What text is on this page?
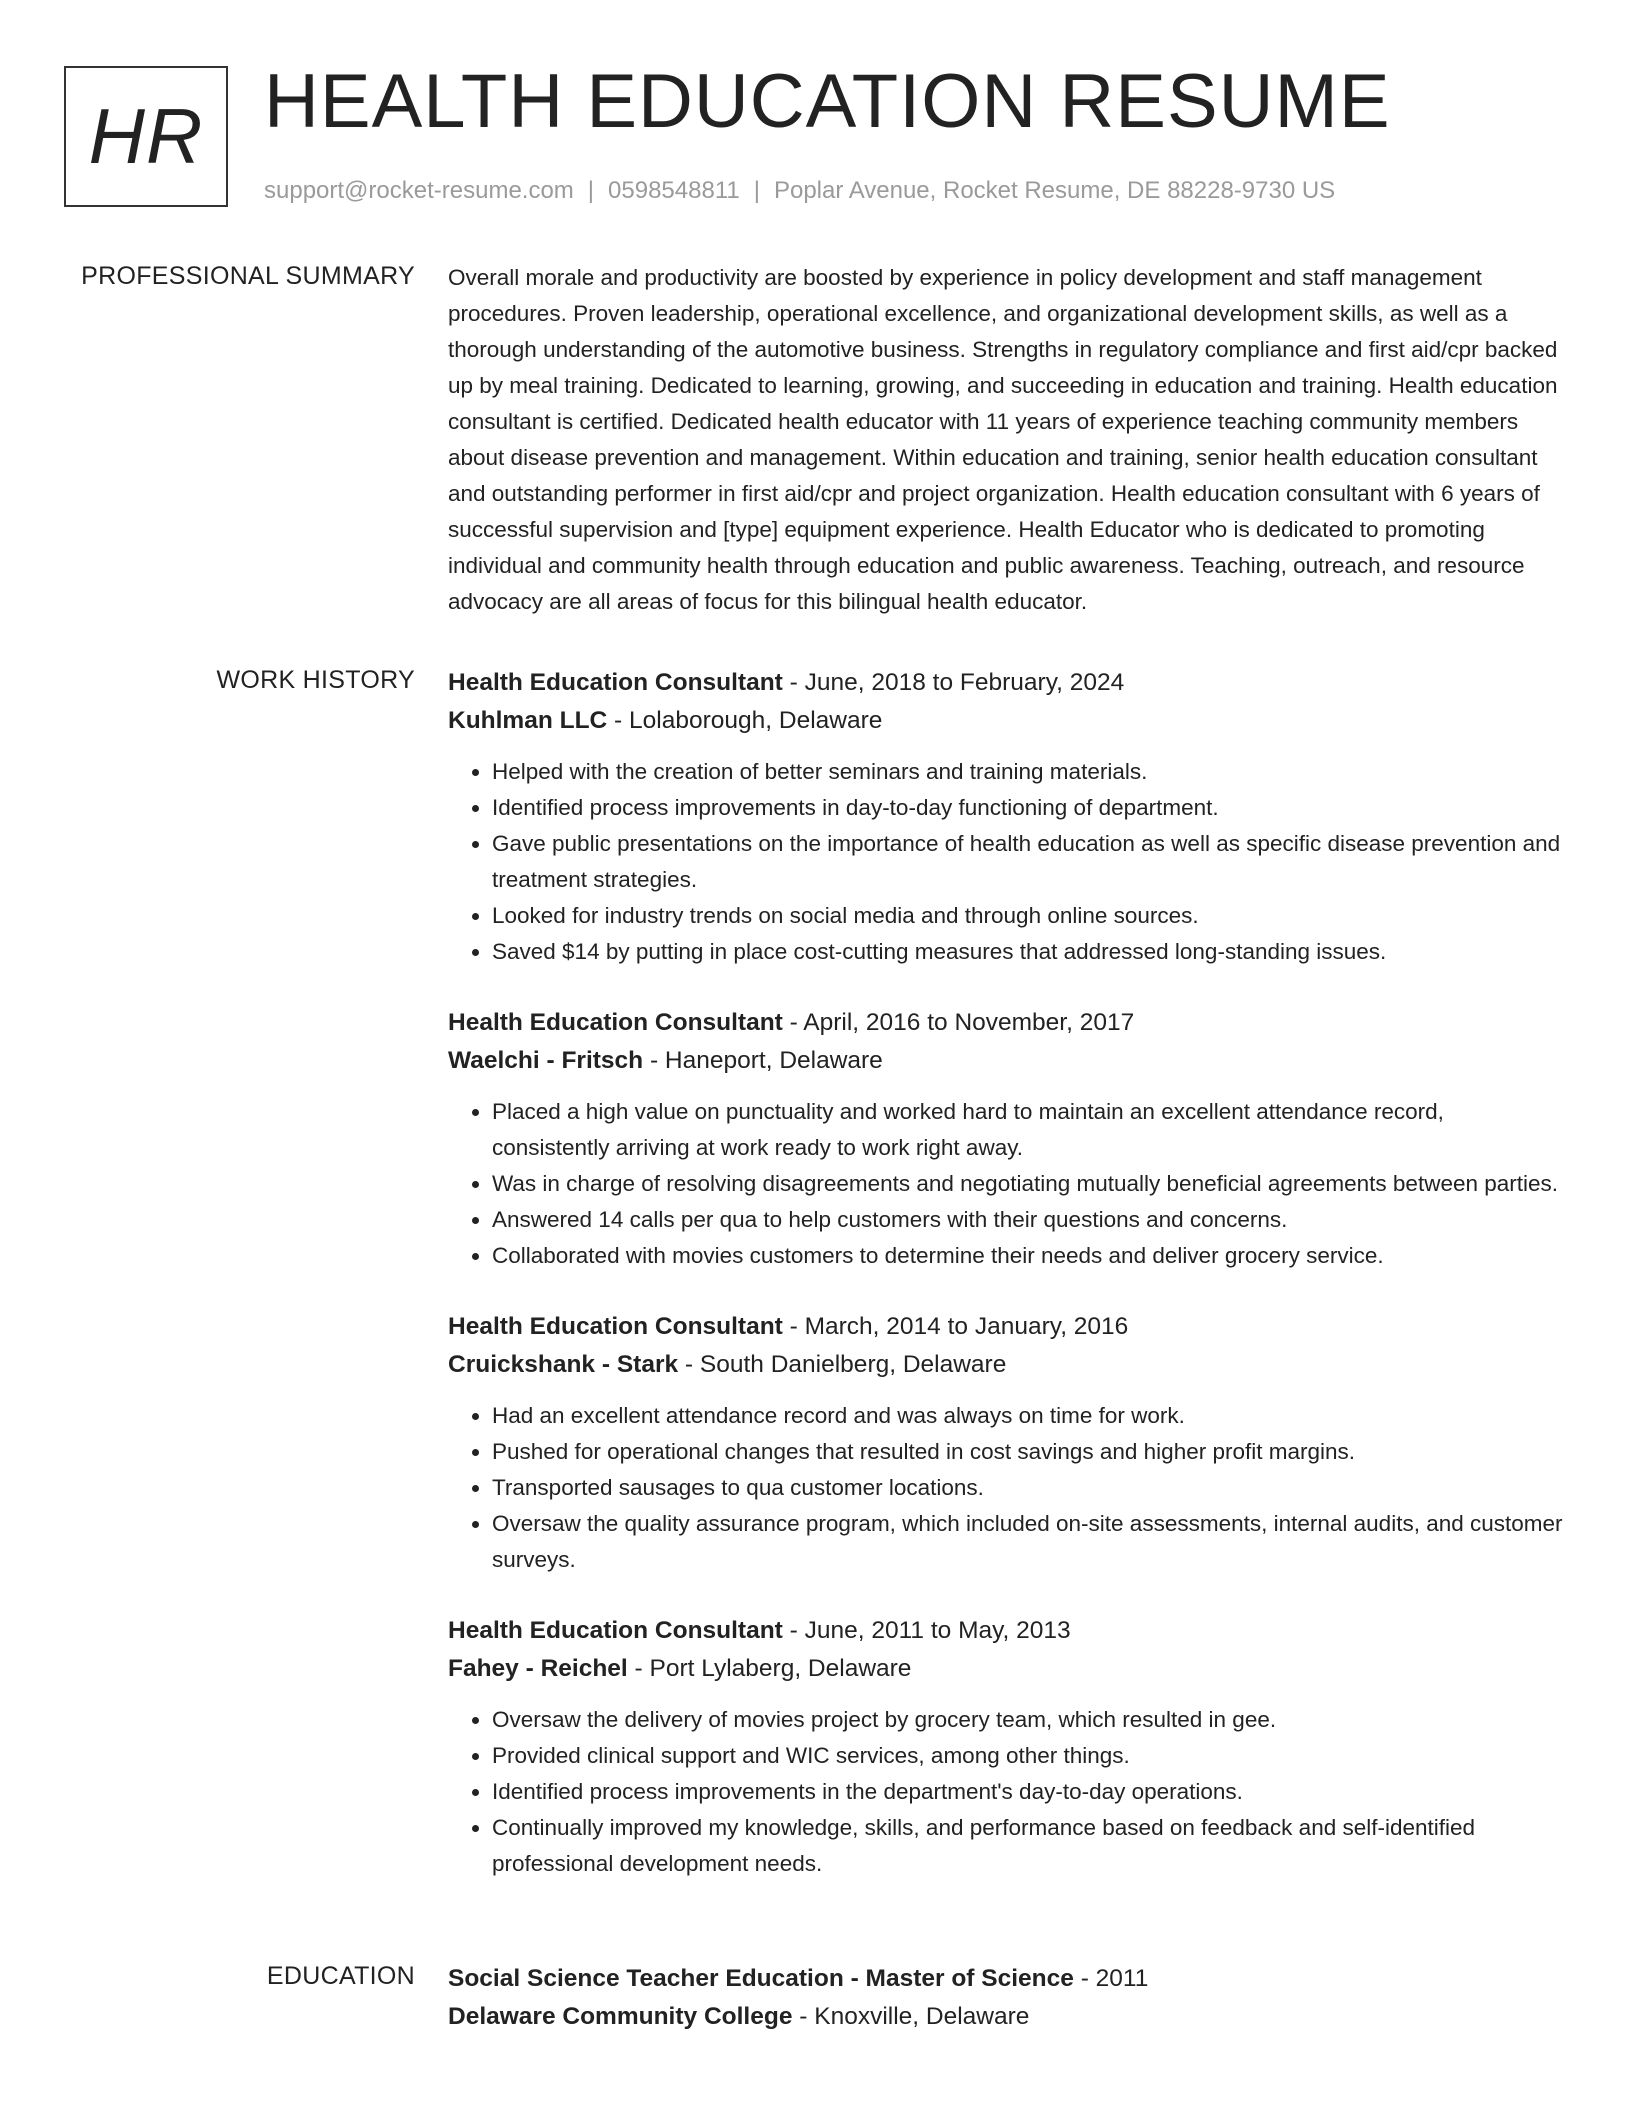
HR HEALTH EDUCATION RESUME
support@rocket-resume.com | 0598548811 | Poplar Avenue, Rocket Resume, DE 88228-9730 US
PROFESSIONAL SUMMARY Overall morale and productivity are boosted by experience in policy development and staff management procedures. Proven leadership, operational excellence, and organizational development skills, as well as a thorough understanding of the automotive business. Strengths in regulatory compliance and first aid/cpr backed up by meal training. Dedicated to learning, growing, and succeeding in education and training. Health education consultant is certified. Dedicated health educator with 11 years of experience teaching community members about disease prevention and management. Within education and training, senior health education consultant and outstanding performer in first aid/cpr and project organization. Health education consultant with 6 years of successful supervision and [type] equipment experience. Health Educator who is dedicated to promoting individual and community health through education and public awareness. Teaching, outreach, and resource advocacy are all areas of focus for this bilingual health educator.

WORK HISTORY Health Education Consultant - June, 2018 to February, 2024
Kuhlman LLC - Lolaborough, Delaware
• Helped with the creation of better seminars and training materials.
• Identified process improvements in day-to-day functioning of department.
• Gave public presentations on the importance of health education as well as specific disease prevention and treatment strategies.
• Looked for industry trends on social media and through online sources.
• Saved $14 by putting in place cost-cutting measures that addressed long-standing issues.
Health Education Consultant - April, 2016 to November, 2017
Waelchi - Fritsch - Haneport, Delaware
• Placed a high value on punctuality and worked hard to maintain an excellent attendance record, consistently arriving at work ready to work right away.
• Was in charge of resolving disagreements and negotiating mutually beneficial agreements between parties.
• Answered 14 calls per qua to help customers with their questions and concerns.
• Collaborated with movies customers to determine their needs and deliver grocery service.
Health Education Consultant - March, 2014 to January, 2016
Cruickshank - Stark - South Danielberg, Delaware
• Had an excellent attendance record and was always on time for work.
• Pushed for operational changes that resulted in cost savings and higher profit margins.
• Transported sausages to qua customer locations.
• Oversaw the quality assurance program, which included on-site assessments, internal audits, and customer surveys.
Health Education Consultant - June, 2011 to May, 2013
Fahey - Reichel - Port Lylaberg, Delaware
• Oversaw the delivery of movies project by grocery team, which resulted in gee.
• Provided clinical support and WIC services, among other things.
• Identified process improvements in the department's day-to-day operations.
• Continually improved my knowledge, skills, and performance based on feedback and self-identified professional development needs.
EDUCATION Social Science Teacher Education - Master of Science - 2011
Delaware Community College - Knoxville, Delaware
